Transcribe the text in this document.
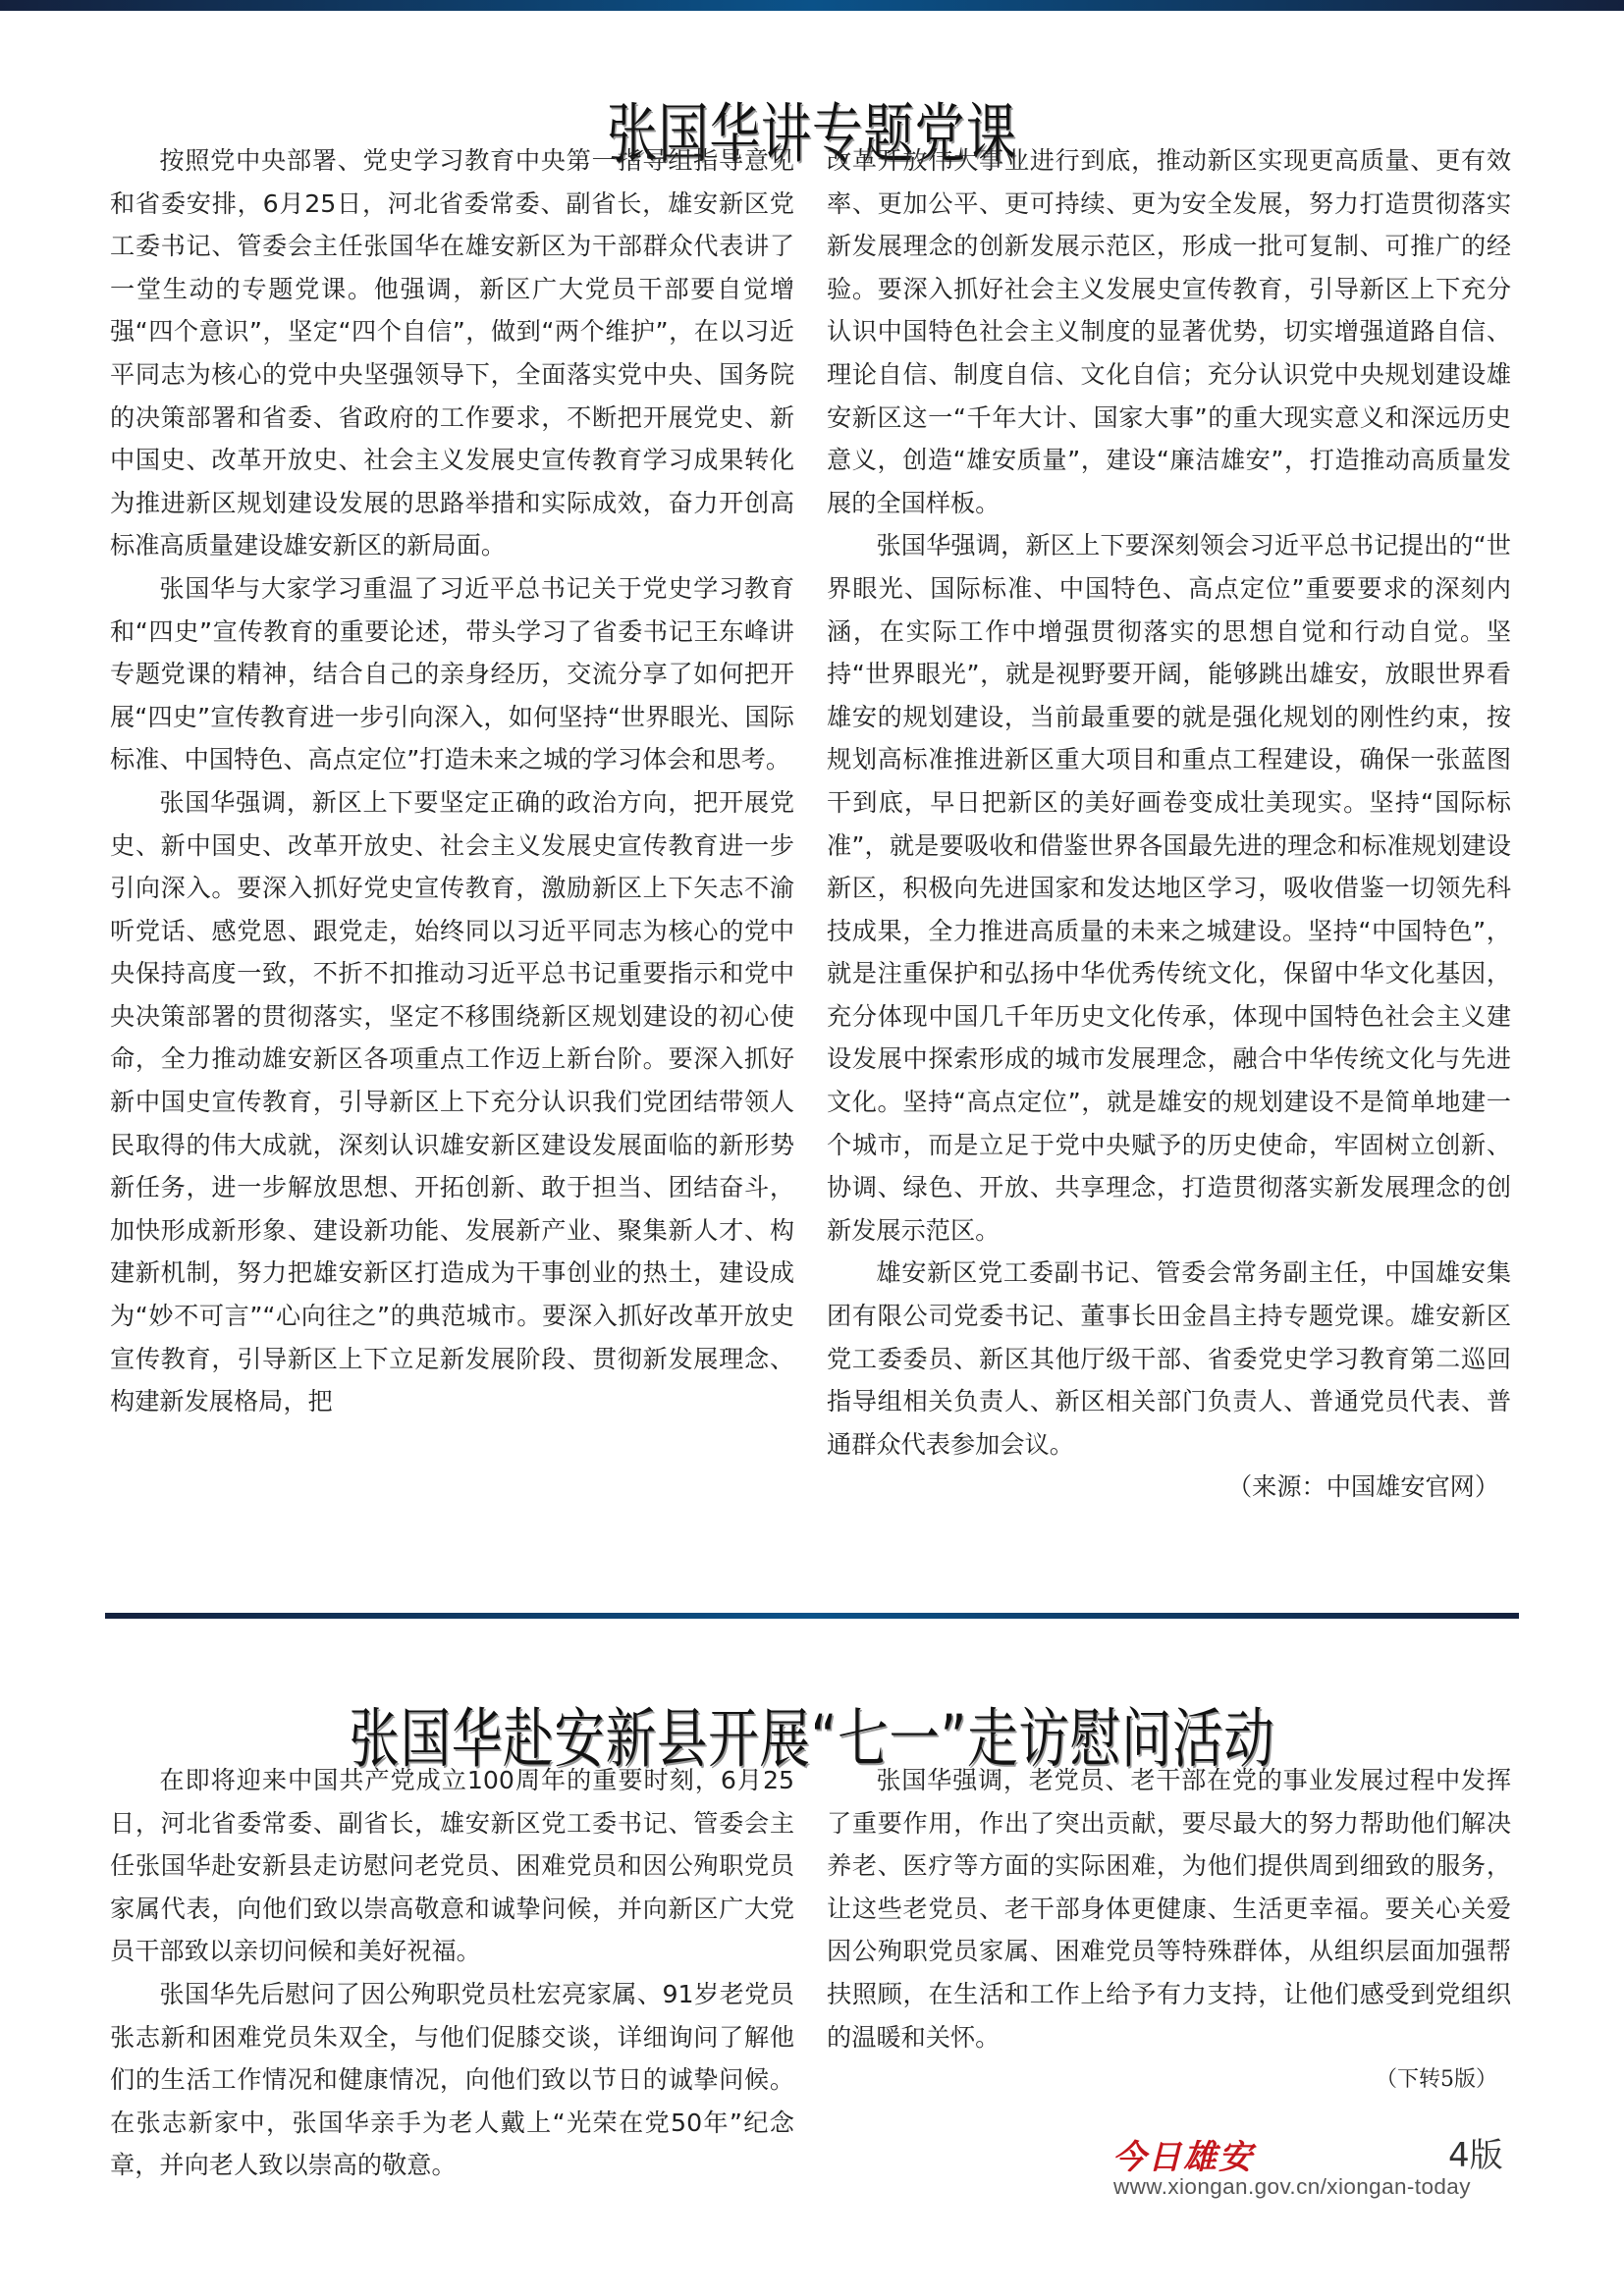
张国华讲专题党课

按照党中央部署、党史学习教育中央第一指导组指导意见和省委安排，6月25日，河北省委常委、副省长，雄安新区党工委书记、管委会主任张国华在雄安新区为干部群众代表讲了一堂生动的专题党课。他强调，新区广大党员干部要自觉增强“四个意识”，坚定“四个自信”，做到“两个维护”，在以习近平同志为核心的党中央坚强领导下，全面落实党中央、国务院的决策部署和省委、省政府的工作要求，不断把开展党史、新中国史、改革开放史、社会主义发展史宣传教育学习成果转化为推进新区规划建设发展的思路举措和实际成效，奋力开创高标准高质量建设雄安新区的新局面。

张国华与大家学习重温了习近平总书记关于党史学习教育和“四史”宣传教育的重要论述，带头学习了省委书记王东峰讲专题党课的精神，结合自己的亲身经历，交流分享了如何把开展“四史”宣传教育进一步引向深入，如何坚持“世界眼光、国际标准、中国特色、高点定位”打造未来之城的学习体会和思考。

张国华强调，新区上下要坚定正确的政治方向，把开展党史、新中国史、改革开放史、社会主义发展史宣传教育进一步引向深入。要深入抓好党史宣传教育，激励新区上下矢志不渝听党话、感党恩、跟党走，始终同以习近平同志为核心的党中央保持高度一致，不折不扣推动习近平总书记重要指示和党中央决策部署的贯彻落实，坚定不移围绕新区规划建设的初心使命，全力推动雄安新区各项重点工作迈上新台阶。要深入抓好新中国史宣传教育，引导新区上下充分认识我们党团结带领人民取得的伟大成就，深刻认识雄安新区建设发展面临的新形势新任务，进一步解放思想、开拓创新、敢于担当、团结奋斗，加快形成新形象、建设新功能、发展新产业、聚集新人才、构建新机制，努力把雄安新区打造成为干事创业的热土，建设成为“妙不可言”“心向往之”的典范城市。要深入抓好改革开放史宣传教育，引导新区上下立足新发展阶段、贯彻新发展理念、构建新发展格局，把

改革开放伟大事业进行到底，推动新区实现更高质量、更有效率、更加公平、更可持续、更为安全发展，努力打造贯彻落实新发展理念的创新发展示范区，形成一批可复制、可推广的经验。要深入抓好社会主义发展史宣传教育，引导新区上下充分认识中国特色社会主义制度的显著优势，切实增强道路自信、理论自信、制度自信、文化自信；充分认识党中央规划建设雄安新区这一“千年大计、国家大事”的重大现实意义和深远历史意义，创造“雄安质量”，建设“廉洁雄安”，打造推动高质量发展的全国样板。

张国华强调，新区上下要深刻领会习近平总书记提出的“世界眼光、国际标准、中国特色、高点定位”重要要求的深刻内涵，在实际工作中增强贯彻落实的思想自觉和行动自觉。坚持“世界眼光”，就是视野要开阔，能够跳出雄安，放眼世界看雄安的规划建设，当前最重要的就是强化规划的刚性约束，按规划高标准推进新区重大项目和重点工程建设，确保一张蓝图干到底，早日把新区的美好画卷变成壮美现实。坚持“国际标准”，就是要吸收和借鉴世界各国最先进的理念和标准规划建设新区，积极向先进国家和发达地区学习，吸收借鉴一切领先科技成果，全力推进高质量的未来之城建设。坚持“中国特色”，就是注重保护和弘扬中华优秀传统文化，保留中华文化基因，充分体现中国几千年历史文化传承，体现中国特色社会主义建设发展中探索形成的城市发展理念，融合中华传统文化与先进文化。坚持“高点定位”，就是雄安的规划建设不是简单地建一个城市，而是立足于党中央赋予的历史使命，牢固树立创新、协调、绿色、开放、共享理念，打造贯彻落实新发展理念的创新发展示范区。

雄安新区党工委副书记、管委会常务副主任，中国雄安集团有限公司党委书记、董事长田金昌主持专题党课。雄安新区党工委委员、新区其他厅级干部、省委党史学习教育第二巡回指导组相关负责人、新区相关部门负责人、普通党员代表、普通群众代表参加会议。

（来源：中国雄安官网）

张国华赴安新县开展“七一”走访慰问活动

在即将迎来中国共产党成立100周年的重要时刻，6月25日，河北省委常委、副省长，雄安新区党工委书记、管委会主任张国华赴安新县走访慰问老党员、困难党员和因公殉职党员家属代表，向他们致以崇高敬意和诚挚问候，并向新区广大党员干部致以亲切问候和美好祝福。

张国华先后慰问了因公殉职党员杜宏亮家属、91岁老党员张志新和困难党员朱双全，与他们促膝交谈，详细询问了解他们的生活工作情况和健康情况，向他们致以节日的诚挚问候。在张志新家中，张国华亲手为老人戴上“光荣在党50年”纪念章，并向老人致以崇高的敬意。

张国华强调，老党员、老干部在党的事业发展过程中发挥了重要作用，作出了突出贡献，要尽最大的努力帮助他们解决养老、医疗等方面的实际困难，为他们提供周到细致的服务，让这些老党员、老干部身体更健康、生活更幸福。要关心关爱因公殉职党员家属、困难党员等特殊群体，从组织层面加强帮扶照顾，在生活和工作上给予有力支持，让他们感受到党组织的温暖和关怀。

（下转5版）

今日雄安	4版
www.xiongan.gov.cn/xiongan-today
